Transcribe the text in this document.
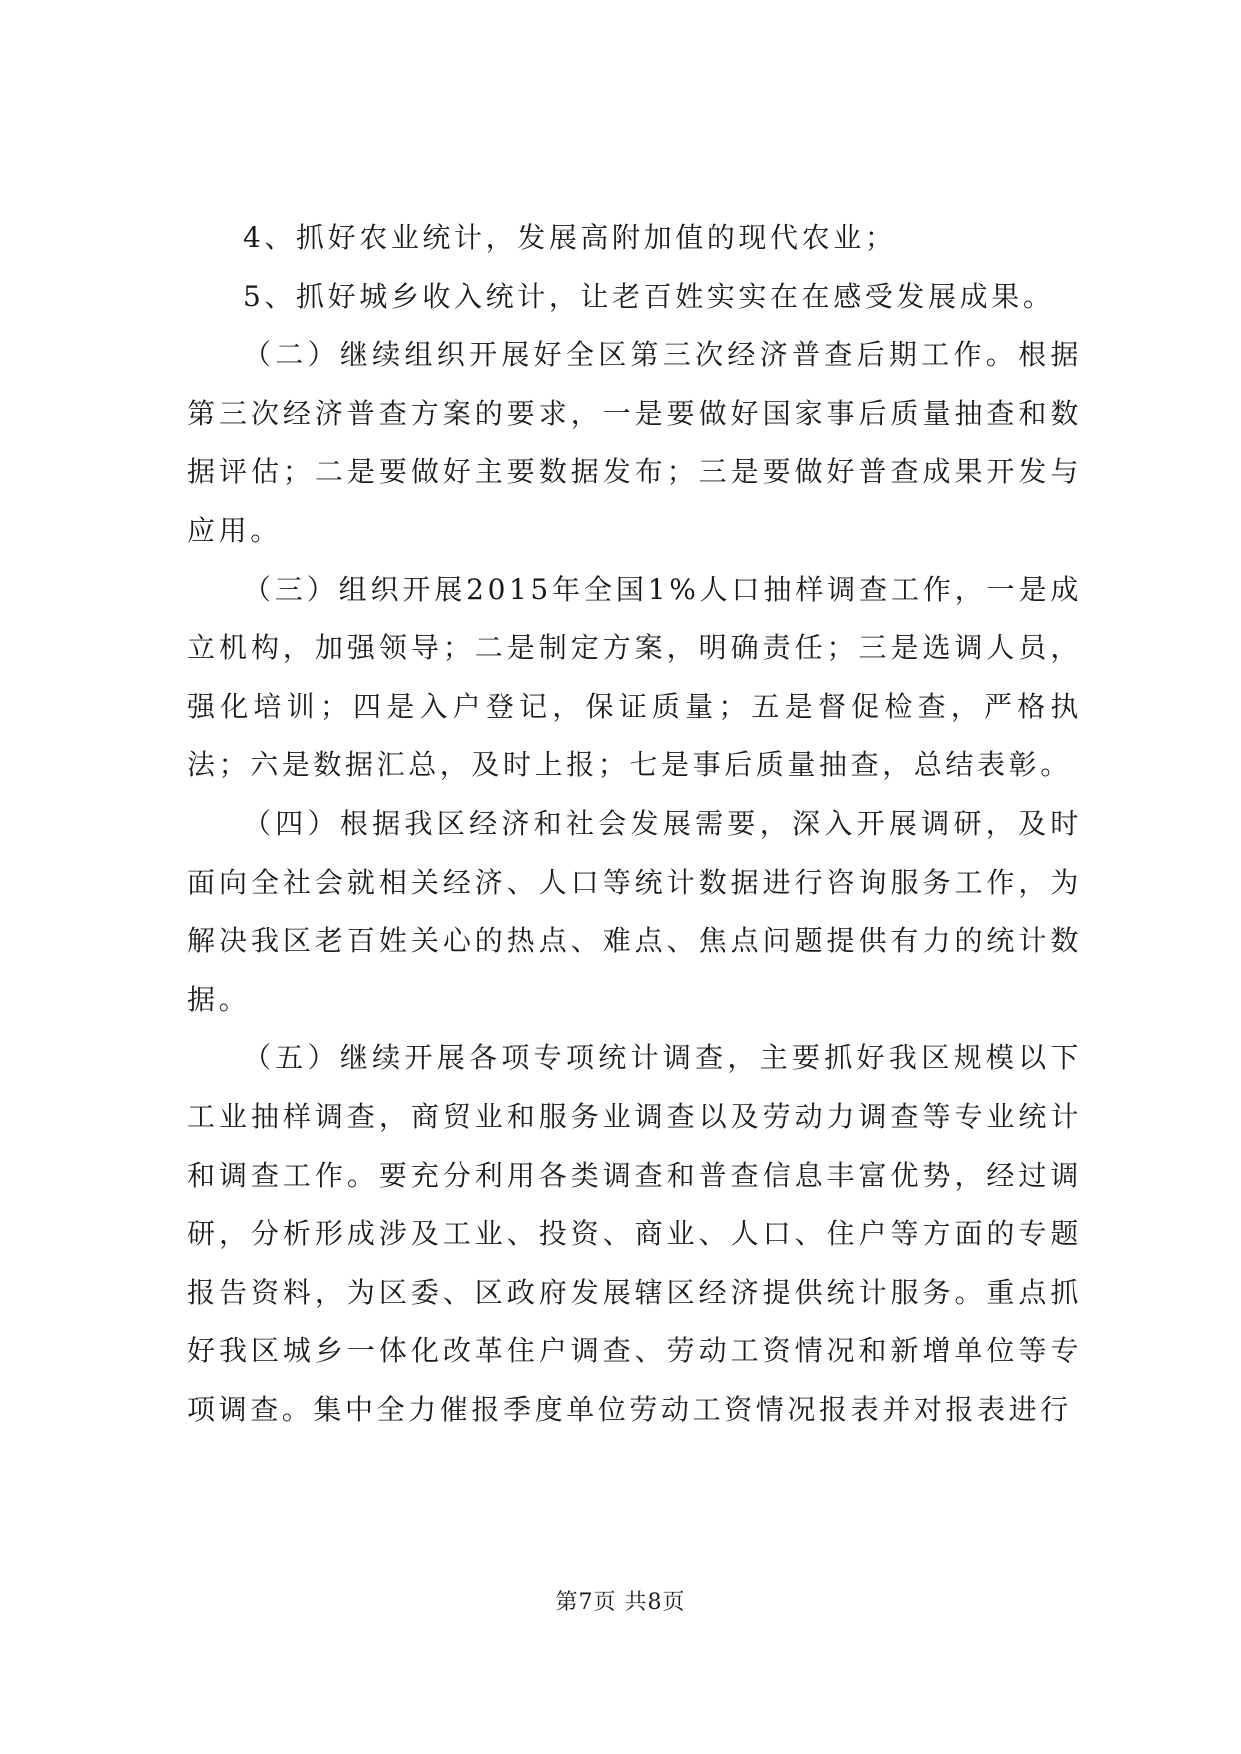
4、抓好农业统计，发展高附加值的现代农业；

5、抓好城乡收入统计，让老百姓实实在在感受发展成果。

（二）继续组织开展好全区第三次经济普查后期工作。根据第三次经济普查方案的要求，一是要做好国家事后质量抽查和数据评估；二是要做好主要数据发布；三是要做好普查成果开发与应用。

（三）组织开展2015年全国1%人口抽样调查工作，一是成立机构，加强领导；二是制定方案，明确责任；三是选调人员，强化培训；四是入户登记，保证质量；五是督促检查，严格执法；六是数据汇总，及时上报；七是事后质量抽查，总结表彰。

（四）根据我区经济和社会发展需要，深入开展调研，及时面向全社会就相关经济、人口等统计数据进行咨询服务工作，为解决我区老百姓关心的热点、难点、焦点问题提供有力的统计数据。

（五）继续开展各项专项统计调查，主要抓好我区规模以下工业抽样调查，商贸业和服务业调查以及劳动力调查等专业统计和调查工作。要充分利用各类调查和普查信息丰富优势，经过调研，分析形成涉及工业、投资、商业、人口、住户等方面的专题报告资料，为区委、区政府发展辖区经济提供统计服务。重点抓好我区城乡一体化改革住户调查、劳动工资情况和新增单位等专项调查。集中全力催报季度单位劳动工资情况报表并对报表进行

第7页 共8页
